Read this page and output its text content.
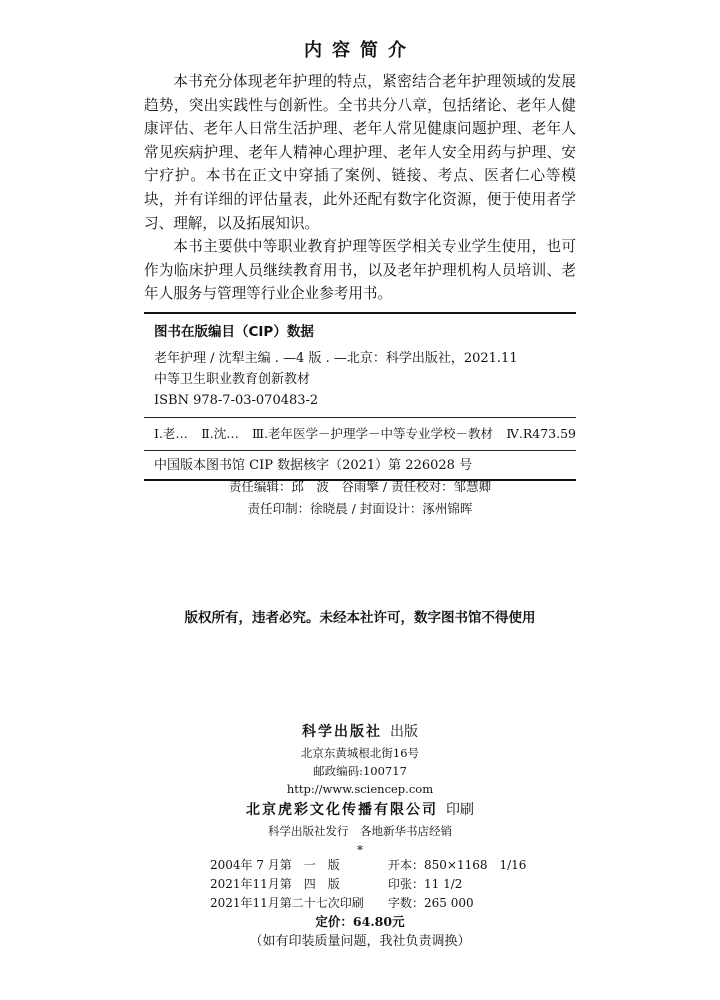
内容简介

本书充分体现老年护理的特点，紧密结合老年护理领域的发展趋势，突出实践性与创新性。全书共分八章，包括绪论、老年人健康评估、老年人日常生活护理、老年人常见健康问题护理、老年人常见疾病护理、老年人精神心理护理、老年人安全用药与护理、安宁疗护。本书在正文中穿插了案例、链接、考点、医者仁心等模块，并有详细的评估量表，此外还配有数字化资源，便于使用者学习、理解，以及拓展知识。

本书主要供中等职业教育护理等医学相关专业学生使用，也可作为临床护理人员继续教育用书，以及老年护理机构人员培训、老年人服务与管理等行业企业参考用书。

图书在版编目（CIP）数据
老年护理 / 沈犁主编 . —4 版 . —北京：科学出版社，2021.11
中等卫生职业教育创新教材
ISBN 978-7-03-070483-2
Ⅰ.老… Ⅱ.沈… Ⅲ.老年医学－护理学－中等专业学校－教材 Ⅳ.R473.59
中国版本图书馆 CIP 数据核字（2021）第 226028 号
责任编辑：邱　波　谷雨擎 / 责任校对：邹慧卿
责任印制：徐晓晨 / 封面设计：涿州锦晖
版权所有，违者必究。未经本社许可，数字图书馆不得使用
科学出版社 出版
北京东黄城根北街16号
邮政编码:100717
http://www.sciencep.com
北京虎彩文化传播有限公司 印刷
科学出版社发行　各地新华书店经销
*
2004年 7 月第　一　版	开本：850×1168　1/16
2021年11月第　四　版	印张：11 1/2
2021年11月第二十七次印刷	字数：265 000
定价：64.80元
（如有印装质量问题，我社负责调换）
